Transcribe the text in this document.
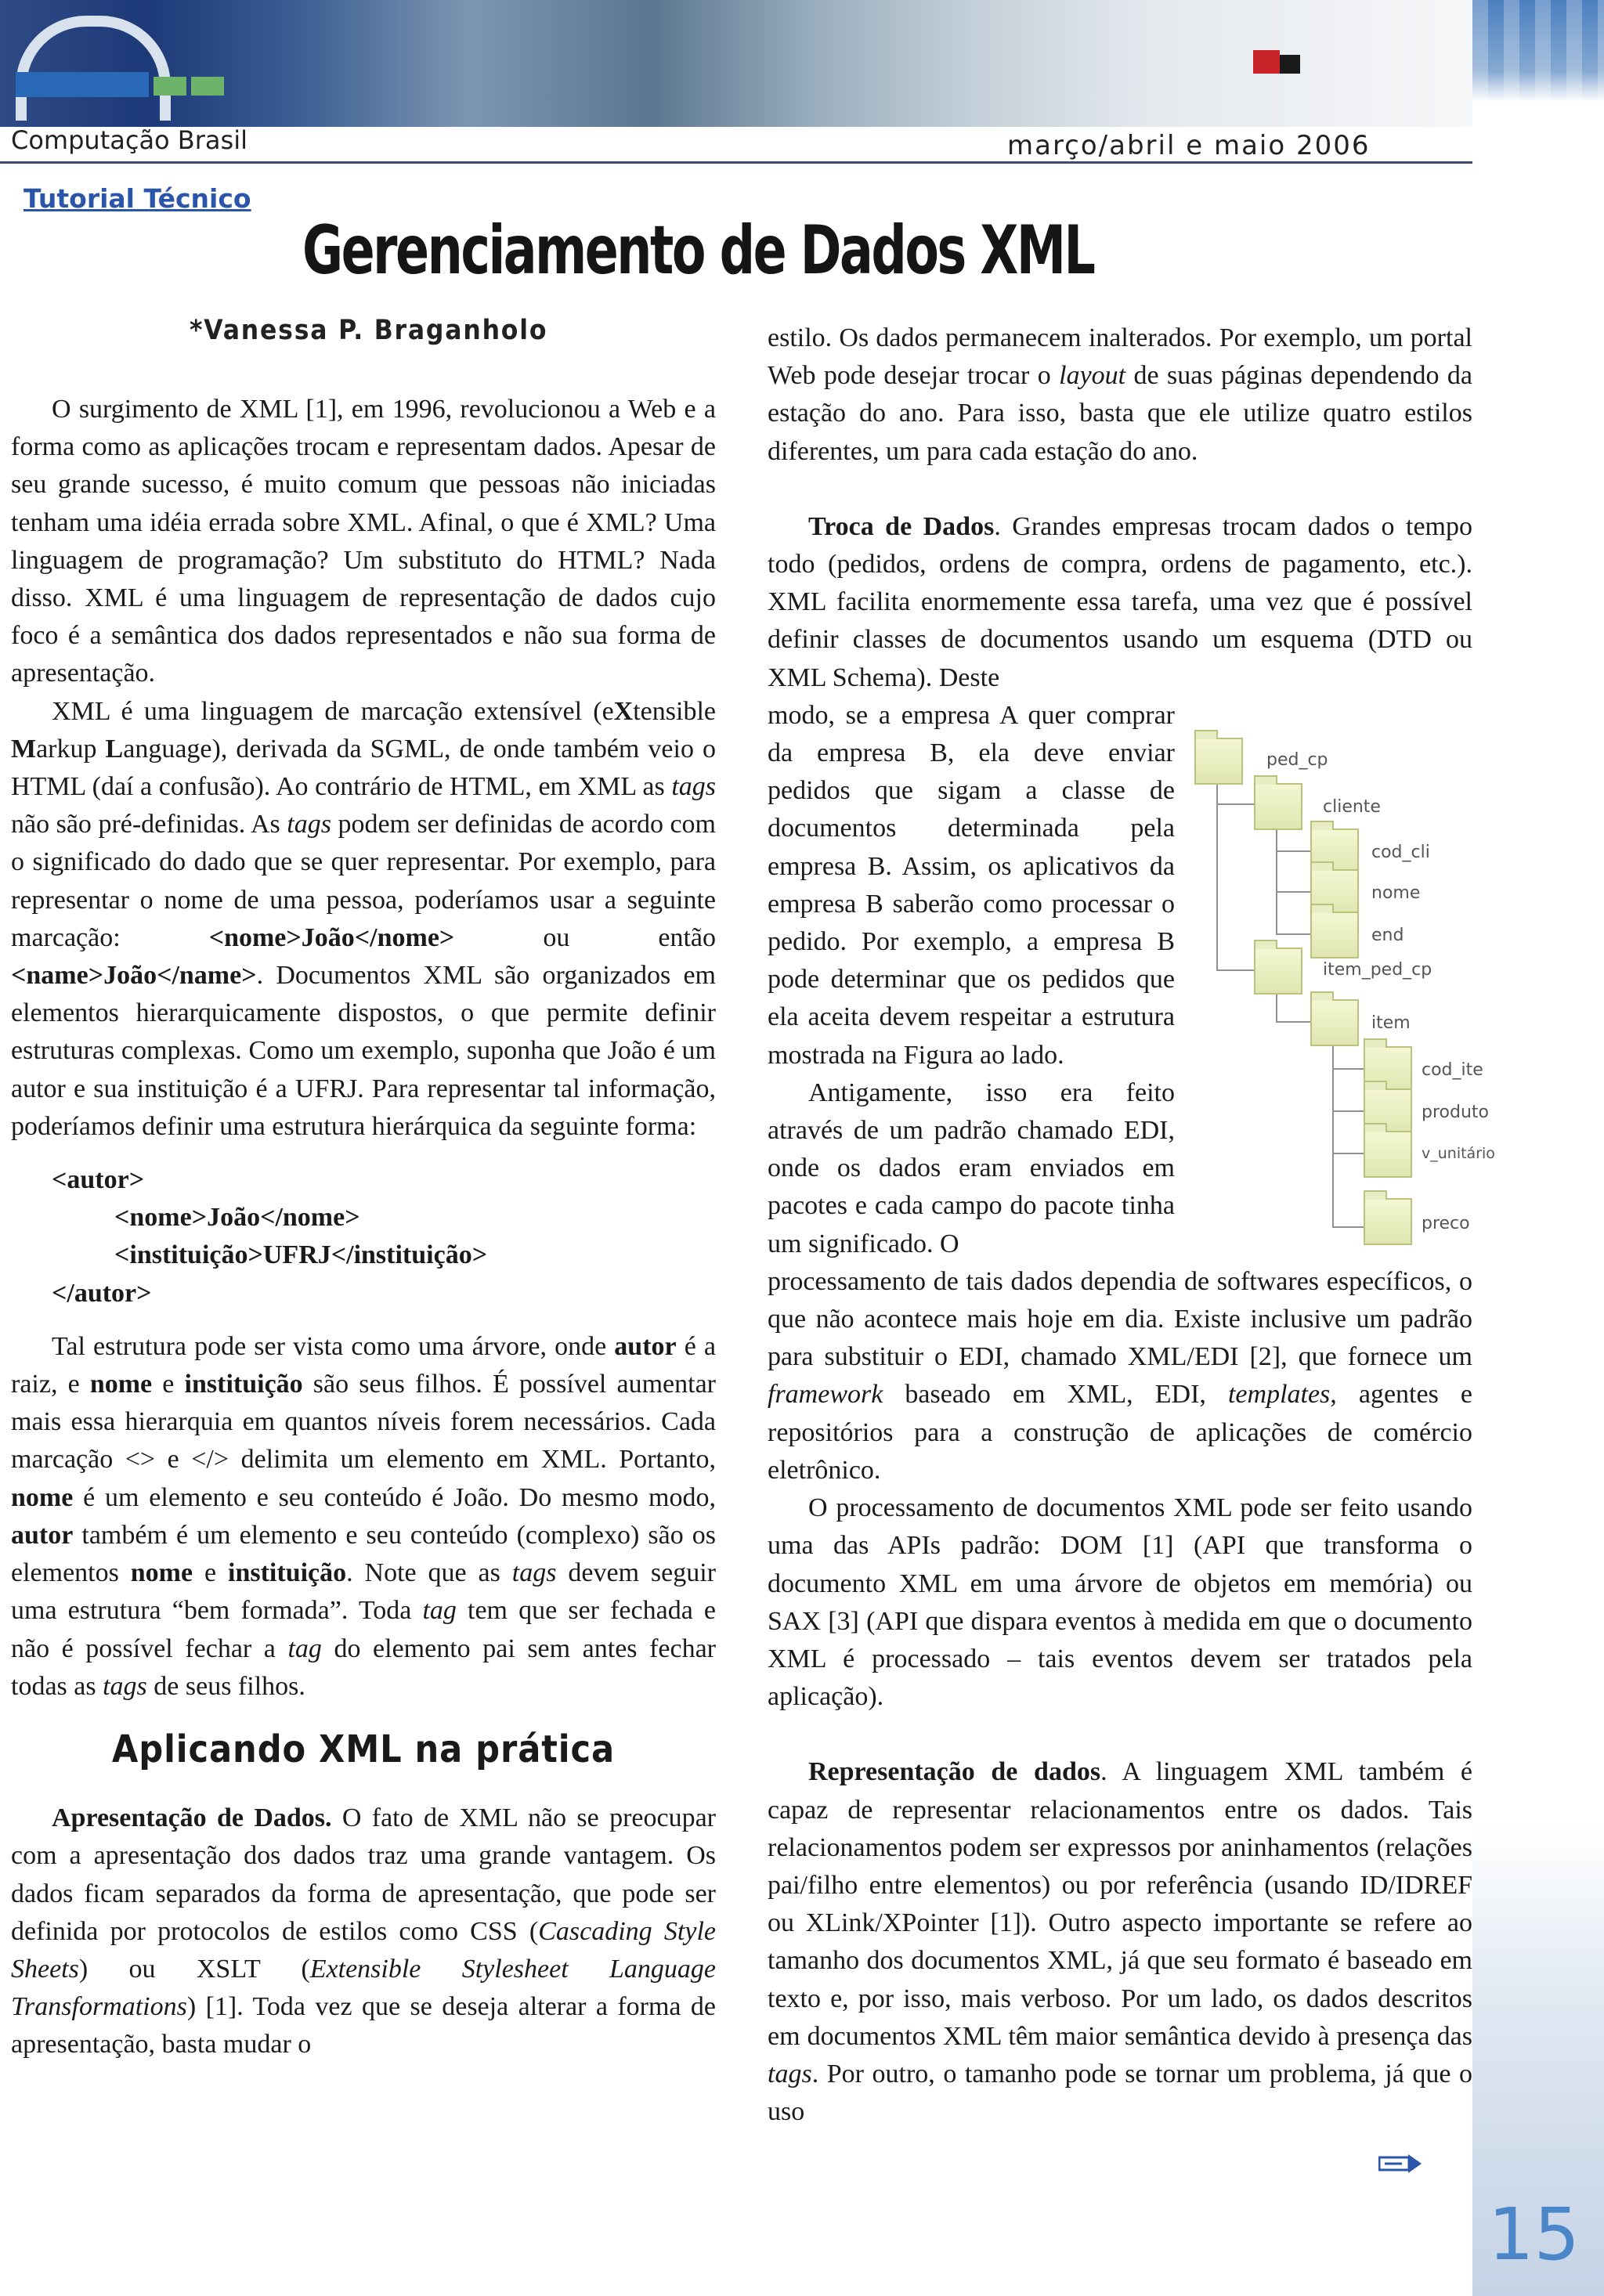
Computação Brasil	março/abril e maio 2006
Tutorial Técnico
Gerenciamento de Dados XML
*Vanessa P. Braganholo

O surgimento de XML [1], em 1996, revolucionou a Web e a forma como as aplicações trocam e representam dados. Apesar de seu grande sucesso, é muito comum que pessoas não iniciadas tenham uma idéia errada sobre XML. Afinal, o que é XML? Uma linguagem de programação? Um substituto do HTML? Nada disso. XML é uma linguagem de representação de dados cujo foco é a semântica dos dados representados e não sua forma de apresentação.

XML é uma linguagem de marcação extensível (eXtensible Markup Language), derivada da SGML, de onde também veio o HTML (daí a confusão). Ao contrário de HTML, em XML as tags não são pré-definidas. As tags podem ser definidas de acordo com o significado do dado que se quer representar. Por exemplo, para representar o nome de uma pessoa, poderíamos usar a seguinte marcação: <nome>João</nome> ou então <name>João</name>. Documentos XML são organizados em elementos hierarquicamente dispostos, o que permite definir estruturas complexas. Como um exemplo, suponha que João é um autor e sua instituição é a UFRJ. Para representar tal informação, poderíamos definir uma estrutura hierárquica da seguinte forma:

<autor>

<nome>João</nome>

<instituição>UFRJ</instituição>

</autor>

Tal estrutura pode ser vista como uma árvore, onde autor é a raiz, e nome e instituição são seus filhos. É possível aumentar mais essa hierarquia em quantos níveis forem necessários. Cada marcação <> e </> delimita um elemento em XML. Portanto, nome é um elemento e seu conteúdo é João. Do mesmo modo, autor também é um elemento e seu conteúdo (complexo) são os elementos nome e instituição. Note que as tags devem seguir uma estrutura “bem formada”. Toda tag tem que ser fechada e não é possível fechar a tag do elemento pai sem antes fechar todas as tags de seus filhos.

Aplicando XML na prática

Apresentação de Dados. O fato de XML não se preocupar com a apresentação dos dados traz uma grande vantagem. Os dados ficam separados da forma de apresentação, que pode ser definida por protocolos de estilos como CSS (Cascading Style Sheets) ou XSLT (Extensible Stylesheet Language Transformations) [1]. Toda vez que se deseja alterar a forma de apresentação, basta mudar o

estilo. Os dados permanecem inalterados. Por exemplo, um portal Web pode desejar trocar o layout de suas páginas dependendo da estação do ano. Para isso, basta que ele utilize quatro estilos diferentes, um para cada estação do ano.

Troca de Dados. Grandes empresas trocam dados o tempo todo (pedidos, ordens de compra, ordens de pagamento, etc.). XML facilita enormemente essa tarefa, uma vez que é possível definir classes de documentos usando um esquema (DTD ou XML Schema). Deste

modo, se a empresa A quer comprar da empresa B, ela deve enviar pedidos que sigam a classe de documentos determinada pela empresa B. Assim, os aplicativos da empresa B saberão como processar o pedido. Por exemplo, a empresa B pode determinar que os pedidos que ela aceita devem respeitar a estrutura mostrada na Figura ao lado.

Antigamente, isso era feito através de um padrão chamado EDI, onde os dados eram enviados em pacotes e cada campo do pacote tinha um significado. O

processamento de tais dados dependia de softwares específicos, o que não acontece mais hoje em dia. Existe inclusive um padrão para substituir o EDI, chamado XML/EDI [2], que fornece um framework baseado em XML, EDI, templates, agentes e repositórios para a construção de aplicações de comércio eletrônico.

O processamento de documentos XML pode ser feito usando uma das APIs padrão: DOM [1] (API que transforma o documento XML em uma árvore de objetos em memória) ou SAX [3] (API que dispara eventos à medida em que o documento XML é processado – tais eventos devem ser tratados pela aplicação).

Representação de dados. A linguagem XML também é capaz de representar relacionamentos entre os dados. Tais relacionamentos podem ser expressos por aninhamentos (relações pai/filho entre elementos) ou por referência (usando ID/IDREF ou XLink/XPointer [1]). Outro aspecto importante se refere ao tamanho dos documentos XML, já que seu formato é baseado em texto e, por isso, mais verboso. Por um lado, os dados descritos em documentos XML têm maior semântica devido à presença das tags. Por outro, o tamanho pode se tornar um problema, já que o uso

ped_cp
cliente
cod_cli
nome
end
item_ped_cp
item
cod_ite
produto
v_unitário
preco
15
